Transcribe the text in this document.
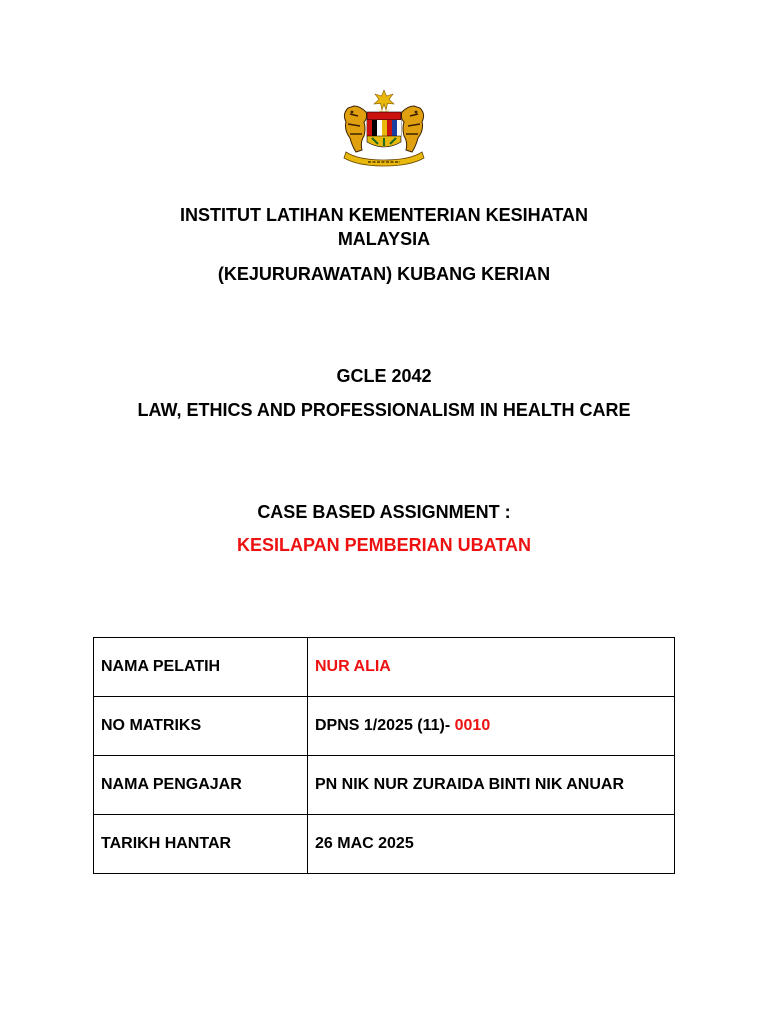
INSTITUT LATIHAN KEMENTERIAN KESIHATAN

MALAYSIA

(KEJURURAWATAN) KUBANG KERIAN

GCLE 2042

LAW, ETHICS AND PROFESSIONALISM IN HEALTH CARE

CASE BASED ASSIGNMENT :

KESILAPAN PEMBERIAN UBATAN

NAMA PELATIH	NUR ALIA
NO MATRIKS	DPNS 1/2025 (11)- 0010
NAMA PENGAJAR	PN NIK NUR ZURAIDA BINTI NIK ANUAR
TARIKH HANTAR	26 MAC 2025
